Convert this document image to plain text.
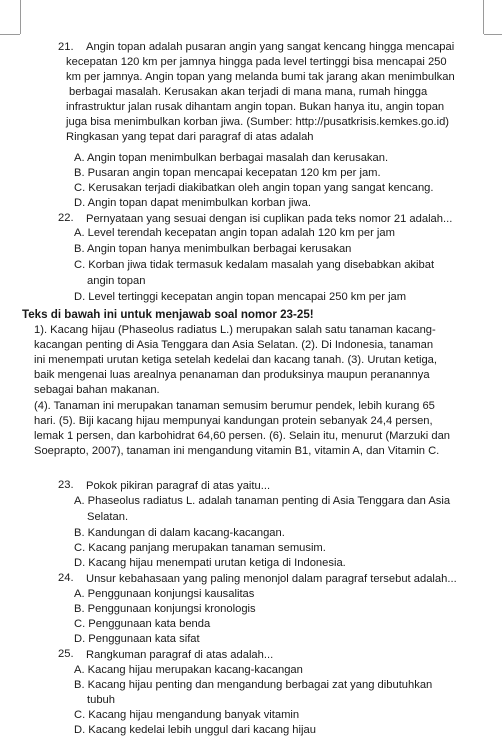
21. Angin topan adalah pusaran angin yang sangat kencang hingga mencapai
kecepatan 120 km per jamnya hingga pada level tertinggi bisa mencapai 250
km per jamnya. Angin topan yang melanda bumi tak jarang akan menimbulkan
berbagai masalah. Kerusakan akan terjadi di mana mana, rumah hingga
infrastruktur jalan rusak dihantam angin topan. Bukan hanya itu, angin topan
juga bisa menimbulkan korban jiwa. (Sumber: http://pusatkrisis.kemkes.go.id)
Ringkasan yang tepat dari paragraf di atas adalah
A. Angin topan menimbulkan berbagai masalah dan kerusakan.
B. Pusaran angin topan mencapai kecepatan 120 km per jam.
C. Kerusakan terjadi diakibatkan oleh angin topan yang sangat kencang.
D. Angin topan dapat menimbulkan korban jiwa.
22. Pernyataan yang sesuai dengan isi cuplikan pada teks nomor 21 adalah...
A. Level terendah kecepatan angin topan adalah 120 km per jam
B. Angin topan hanya menimbulkan berbagai kerusakan
C. Korban jiwa tidak termasuk kedalam masalah yang disebabkan akibat
angin topan
D. Level tertinggi kecepatan angin topan mencapai 250 km per jam
Teks di bawah ini untuk menjawab soal nomor 23-25!
1). Kacang hijau (Phaseolus radiatus L.) merupakan salah satu tanaman kacang-
kacangan penting di Asia Tenggara dan Asia Selatan. (2). Di Indonesia, tanaman
ini menempati urutan ketiga setelah kedelai dan kacang tanah. (3). Urutan ketiga,
baik mengenai luas arealnya penanaman dan produksinya maupun peranannya
sebagai bahan makanan.
(4). Tanaman ini merupakan tanaman semusim berumur pendek, lebih kurang 65
hari. (5). Biji kacang hijau mempunyai kandungan protein sebanyak 24,4 persen,
lemak 1 persen, dan karbohidrat 64,60 persen. (6). Selain itu, menurut (Marzuki dan
Soeprapto, 2007), tanaman ini mengandung vitamin B1, vitamin A, dan Vitamin C.
23. Pokok pikiran paragraf di atas yaitu...
A. Phaseolus radiatus L. adalah tanaman penting di Asia Tenggara dan Asia
Selatan.
B. Kandungan di dalam kacang-kacangan.
C. Kacang panjang merupakan tanaman semusim.
D. Kacang hijau menempati urutan ketiga di Indonesia.
24. Unsur kebahasaan yang paling menonjol dalam paragraf tersebut adalah...
A. Penggunaan konjungsi kausalitas
B. Penggunaan konjungsi kronologis
C. Penggunaan kata benda
D. Penggunaan kata sifat
25. Rangkuman paragraf di atas adalah...
A. Kacang hijau merupakan kacang-kacangan
B. Kacang hijau penting dan mengandung berbagai zat yang dibutuhkan
tubuh
C. Kacang hijau mengandung banyak vitamin
D. Kacang kedelai lebih unggul dari kacang hijau
